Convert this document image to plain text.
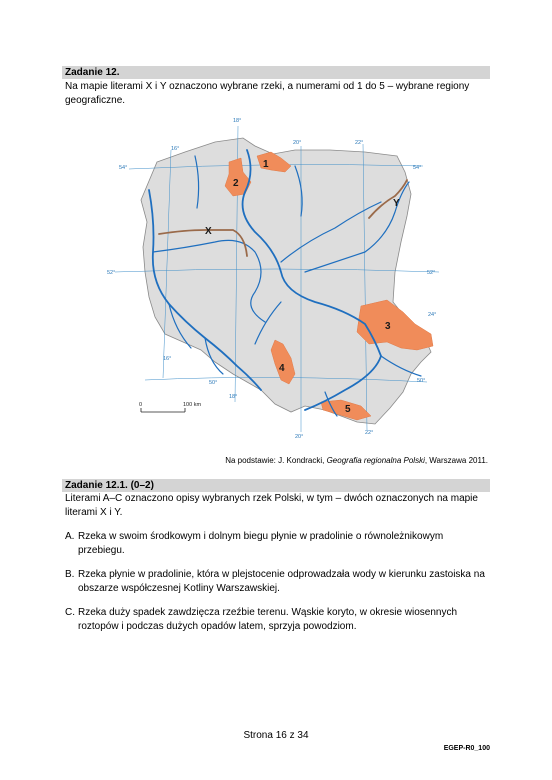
Zadanie 12.
Na mapie literami X i Y oznaczono wybrane rzeki, a numerami od 1 do 5 – wybrane regiony geograficzne.
18°
16°
20°	22°
54°	54°
52°	52°
24°
16°
50°
18°
50°
20°
22°
1
2
3
4
5
X
Y
0	100 km
Na podstawie: J. Kondracki, Geografia regionalna Polski, Warszawa 2011.
Zadanie 12.1. (0–2)
Literami A–C oznaczono opisy wybranych rzek Polski, w tym – dwóch oznaczonych na mapie literami X i Y.
A. Rzeka w swoim środkowym i dolnym biegu płynie w pradolinie o równoleżnikowym przebiegu.
B. Rzeka płynie w pradolinie, która w plejstocenie odprowadzała wody w kierunku zastoiska na obszarze współczesnej Kotliny Warszawskiej.
C. Rzeka duży spadek zawdzięcza rzeźbie terenu. Wąskie koryto, w okresie wiosennych roztopów i podczas dużych opadów latem, sprzyja powodziom.
Strona 16 z 34
EGEP-R0_100
